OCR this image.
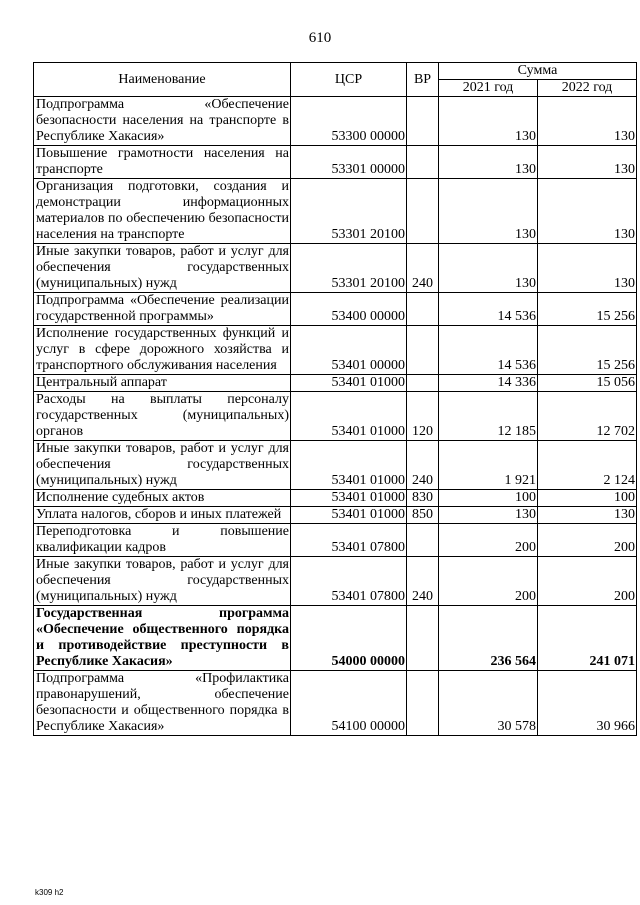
610
Наименование	ЦСР	ВР	Сумма	
			2021 год	2022 год
Подпрограмма «Обеспечение безопасности населения на транспорте в Республике Хакасия»	53300 00000		130	130
Повышение грамотности населения на транспорте	53301 00000		130	130
Организация подготовки, создания и демонстрации информационных материалов по обеспечению безопасности населения на транспорте	53301 20100		130	130
Иные закупки товаров, работ и услуг для обеспечения государственных (муниципальных) нужд	53301 20100	240	130	130
Подпрограмма «Обеспечение реализации государственной программы»	53400 00000		14 536	15 256
Исполнение государственных функций и услуг в сфере дорожного хозяйства и транспортного обслуживания населения	53401 00000		14 536	15 256
Центральный аппарат	53401 01000		14 336	15 056
Расходы на выплаты персоналу государственных (муниципальных) органов	53401 01000	120	12 185	12 702
Иные закупки товаров, работ и услуг для обеспечения государственных (муниципальных) нужд	53401 01000	240	1 921	2 124
Исполнение судебных актов	53401 01000	830	100	100
Уплата налогов, сборов и иных платежей	53401 01000	850	130	130
Переподготовка и повышение квалификации кадров	53401 07800		200	200
Иные закупки товаров, работ и услуг для обеспечения государственных (муниципальных) нужд	53401 07800	240	200	200
Государственная программа «Обеспечение общественного порядка и противодействие преступности в Республике Хакасия»	54000 00000		236 564	241 071
Подпрограмма «Профилактика правонарушений, обеспечение безопасности и общественного порядка в Республике Хакасия»	54100 00000		30 578	30 966
k309 h2
